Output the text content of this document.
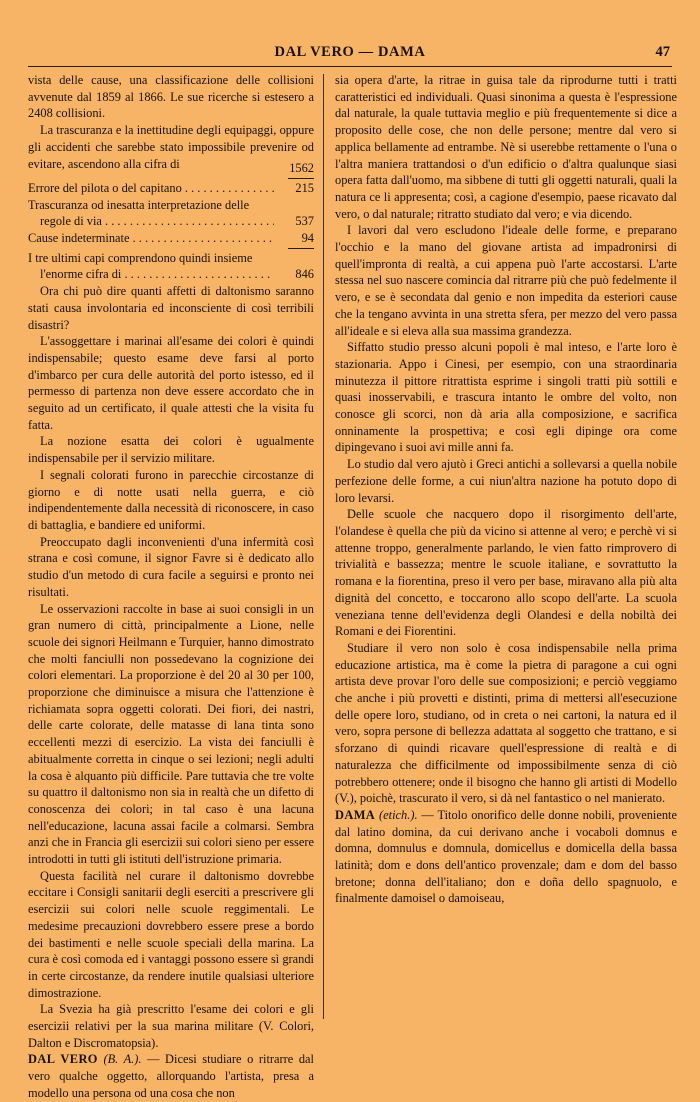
DAL VERO — DAMA	47

vista delle cause, una classificazione delle collisioni avvenute dal 1859 al 1866. Le sue ricerche si estesero a 2408 collisioni.

La trascuranza e la inettitudine degli equipaggi, oppure gli accidenti che sarebbe stato impossibile prevenire od evitare, ascendono alla cifra di	1562
Errore del pilota o del capitano . . .	215
Trascuranza od inesatta interpretazione delle
regole di via . . .	537
Cause indeterminate . . .	94
I tre ultimi capi comprendono quindi insieme
l'enorme cifra di . . .	846

Ora chi può dire quanti affetti di daltonismo saranno stati causa involontaria ed inconsciente di così terribili disastri?

L'assoggettare i marinai all'esame dei colori è quindi indispensabile; questo esame deve farsi al porto d'imbarco per cura delle autorità del porto istesso, ed il permesso di partenza non deve essere accordato che in seguito ad un certificato, il quale attesti che la visita fu fatta.

La nozione esatta dei colori è ugualmente indispensabile per il servizio militare.

I segnali colorati furono in parecchie circostanze di giorno e di notte usati nella guerra, e ciò indipendentemente dalla necessità di riconoscere, in caso di battaglia, e bandiere ed uniformi.

Preoccupato dagli inconvenienti d'una infermità così strana e così comune, il signor Favre si è dedicato allo studio d'un metodo di cura facile a seguirsi e pronto nei risultati.

Le osservazioni raccolte in base ai suoi consigli in un gran numero di città, principalmente a Lione, nelle scuole dei signori Heilmann e Turquier, hanno dimostrato che molti fanciulli non possedevano la cognizione dei colori elementari. La proporzione è del 20 al 30 per 100, proporzione che diminuisce a misura che l'attenzione è richiamata sopra oggetti colorati. Dei fiori, dei nastri, delle carte colorate, delle matasse di lana tinta sono eccellenti mezzi di esercizio. La vista dei fanciulli è abitualmente corretta in cinque o sei lezioni; negli adulti la cosa è alquanto più difficile. Pare tuttavia che tre volte su quattro il daltonismo non sia in realtà che un difetto di conoscenza dei colori; in tal caso è una lacuna nell'educazione, lacuna assai facile a colmarsi. Sembra anzi che in Francia gli esercizii sui colori sieno per essere introdotti in tutti gli istituti dell'istruzione primaria.

Questa facilità nel curare il daltonismo dovrebbe eccitare i Consigli sanitarii degli eserciti a prescrivere gli esercizii sui colori nelle scuole reggimentali. Le medesime precauzioni dovrebbero essere prese a bordo dei bastimenti e nelle scuole speciali della marina. La cura è così comoda ed i vantaggi possono essere sì grandi in certe circostanze, da rendere inutile qualsiasi ulteriore dimostrazione.

La Svezia ha già prescritto l'esame dei colori e gli esercizii relativi per la sua marina militare (V. Colori, Dalton e Discromatopsia).

DAL VERO (B. A.). — Dicesi studiare o ritrarre dal vero qualche oggetto, allorquando l'artista, presa a modello una persona od una cosa che non

sia opera d'arte, la ritrae in guisa tale da riprodurne tutti i tratti caratteristici ed individuali. Quasi sinonima a questa è l'espressione dal naturale, la quale tuttavia meglio e più frequentemente si dice a proposito delle cose, che non delle persone; mentre dal vero si applica bellamente ad entrambe. Nè si userebbe rettamente o l'una o l'altra maniera trattandosi o d'un edificio o d'altra qualunque siasi opera fatta dall'uomo, ma sibbene di tutti gli oggetti naturali, quali la natura ce li appresenta; così, a cagione d'esempio, paese ricavato dal vero, o dal naturale; ritratto studiato dal vero; e via dicendo.

I lavori dal vero escludono l'ideale delle forme, e preparano l'occhio e la mano del giovane artista ad impadronirsi di quell'impronta di realtà, a cui appena può l'arte accostarsi. L'arte stessa nel suo nascere comincia dal ritrarre più che può fedelmente il vero, e se è secondata dal genio e non impedita da esteriori cause che la tengano avvinta in una stretta sfera, per mezzo del vero passa all'ideale e si eleva alla sua massima grandezza.

Siffatto studio presso alcuni popoli è mal inteso, e l'arte loro è stazionaria. Appo i Cinesi, per esempio, con una straordinaria minutezza il pittore ritrattista esprime i singoli tratti più sottili e quasi inosservabili, e trascura intanto le ombre del volto, non conosce gli scorci, non dà aria alla composizione, e sacrifica onninamente la prospettiva; e così egli dipinge ora come dipingevano i suoi avi mille anni fa.

Lo studio dal vero ajutò i Greci antichi a sollevarsi a quella nobile perfezione delle forme, a cui niun'altra nazione ha potuto dopo di loro levarsi.

Delle scuole che nacquero dopo il risorgimento dell'arte, l'olandese è quella che più da vicino si attenne al vero; e perchè vi si attenne troppo, generalmente parlando, le vien fatto rimprovero di trivialità e bassezza; mentre le scuole italiane, e sovrattutto la romana e la fiorentina, preso il vero per base, miravano alla più alta dignità del concetto, e toccarono allo scopo dell'arte. La scuola veneziana tenne dell'evidenza degli Olandesi e della nobiltà dei Romani e dei Fiorentini.

Studiare il vero non solo è cosa indispensabile nella prima educazione artistica, ma è come la pietra di paragone a cui ogni artista deve provar l'oro delle sue composizioni; e perciò veggiamo che anche i più provetti e distinti, prima di mettersi all'esecuzione delle opere loro, studiano, od in creta o nei cartoni, la natura ed il vero, sopra persone di bellezza adattata al soggetto che trattano, e si sforzano di quindi ricavare quell'espressione di realtà e di naturalezza che difficilmente od impossibilmente senza di ciò potrebbero ottenere; onde il bisogno che hanno gli artisti di Modello (V.), poichè, trascurato il vero, si dà nel fantastico o nel manierato.

DAMA (etich.). — Titolo onorifico delle donne nobili, proveniente dal latino domina, da cui derivano anche i vocaboli domnus e domna, domnulus e domnula, domicellus e domicella della bassa latinità; dom e dons dell'antico provenzale; dam e dom del basso bretone; donna dell'italiano; don e doña dello spagnuolo, e finalmente damoisel o damoiseau,
